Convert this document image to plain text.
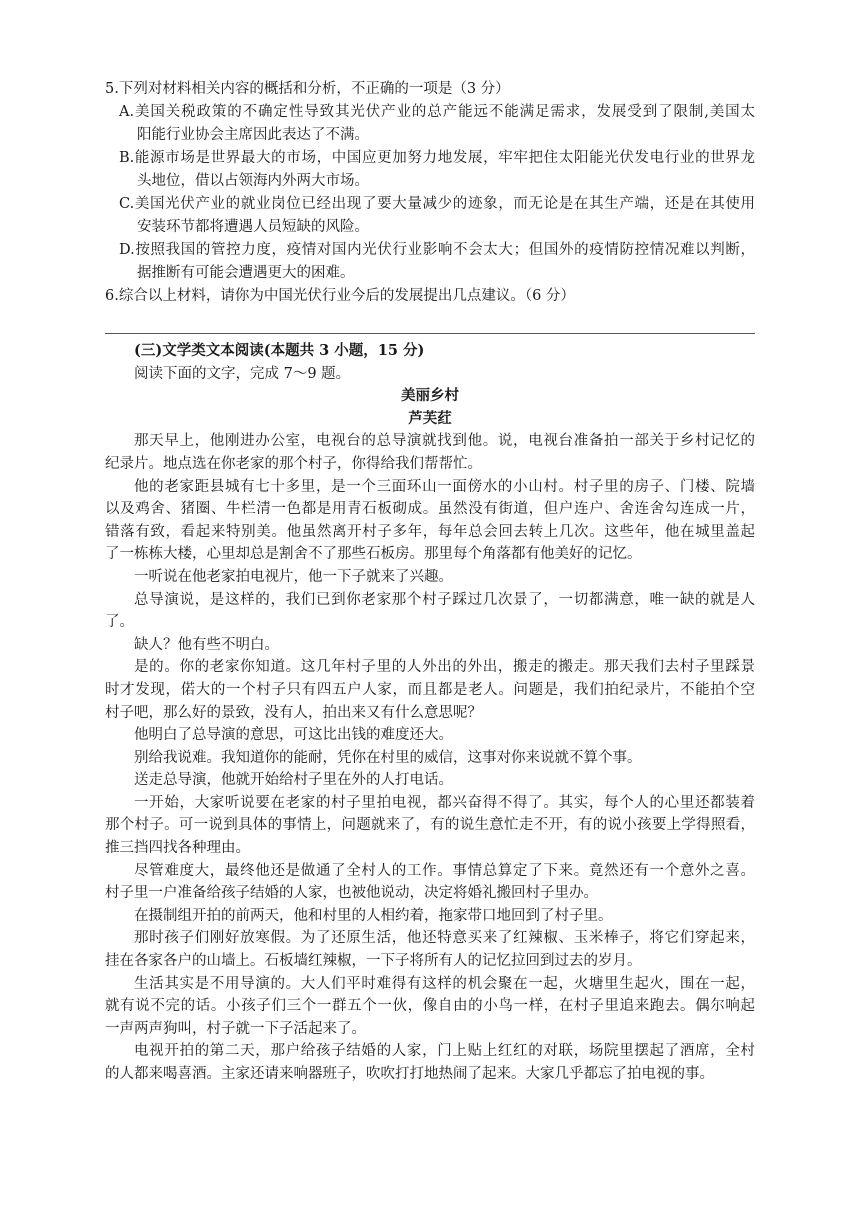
5.下列对材料相关内容的概括和分析，不正确的一项是（3 分）
A.美国关税政策的不确定性导致其光伏产业的总产能远不能满足需求，发展受到了限制,美国太
阳能行业协会主席因此表达了不满。
B.能源市场是世界最大的市场，中国应更加努力地发展，牢牢把住太阳能光伏发电行业的世界龙
头地位，借以占领海内外两大市场。
C.美国光伏产业的就业岗位已经出现了要大量减少的迹象，而无论是在其生产端，还是在其使用
安装环节都将遭遇人员短缺的风险。
D.按照我国的管控力度，疫情对国内光伏行业影响不会太大；但国外的疫情防控情况难以判断，
据推断有可能会遭遇更大的困难。
6.综合以上材料，请你为中国光伏行业今后的发展提出几点建议。（6 分）
(三)文学类文本阅读(本题共 3 小题，15 分)
阅读下面的文字，完成 7～9 题。
美丽乡村
芦芙荭
那天早上，他刚进办公室，电视台的总导演就找到他。说，电视台准备拍一部关于乡村记忆的
纪录片。地点选在你老家的那个村子，你得给我们帮帮忙。
他的老家距县城有七十多里，是一个三面环山一面傍水的小山村。村子里的房子、门楼、院墙
以及鸡舍、猪圈、牛栏清一色都是用青石板砌成。虽然没有街道，但户连户、舍连舍勾连成一片，
错落有致，看起来特别美。他虽然离开村子多年，每年总会回去转上几次。这些年，他在城里盖起
了一栋栋大楼，心里却总是割舍不了那些石板房。那里每个角落都有他美好的记忆。
一听说在他老家拍电视片，他一下子就来了兴趣。
总导演说，是这样的，我们已到你老家那个村子踩过几次景了，一切都满意，唯一缺的就是人
了。
缺人？他有些不明白。
是的。你的老家你知道。这几年村子里的人外出的外出，搬走的搬走。那天我们去村子里踩景
时才发现，偌大的一个村子只有四五户人家，而且都是老人。问题是，我们拍纪录片，不能拍个空
村子吧，那么好的景致，没有人，拍出来又有什么意思呢？
他明白了总导演的意思，可这比出钱的难度还大。
别给我说难。我知道你的能耐，凭你在村里的威信，这事对你来说就不算个事。
送走总导演，他就开始给村子里在外的人打电话。
一开始，大家听说要在老家的村子里拍电视，都兴奋得不得了。其实，每个人的心里还都装着
那个村子。可一说到具体的事情上，问题就来了，有的说生意忙走不开，有的说小孩要上学得照看，
推三挡四找各种理由。
尽管难度大，最终他还是做通了全村人的工作。事情总算定了下来。竟然还有一个意外之喜。
村子里一户准备给孩子结婚的人家，也被他说动，决定将婚礼搬回村子里办。
在摄制组开拍的前两天，他和村里的人相约着，拖家带口地回到了村子里。
那时孩子们刚好放寒假。为了还原生活，他还特意买来了红辣椒、玉米棒子，将它们穿起来，
挂在各家各户的山墙上。石板墙红辣椒，一下子将所有人的记忆拉回到过去的岁月。
生活其实是不用导演的。大人们平时难得有这样的机会聚在一起，火塘里生起火，围在一起，
就有说不完的话。小孩子们三个一群五个一伙，像自由的小鸟一样，在村子里追来跑去。偶尔响起
一声两声狗叫，村子就一下子活起来了。
电视开拍的第二天，那户给孩子结婚的人家，门上贴上红红的对联，场院里摆起了酒席，全村
的人都来喝喜酒。主家还请来响器班子，吹吹打打地热闹了起来。大家几乎都忘了拍电视的事。
